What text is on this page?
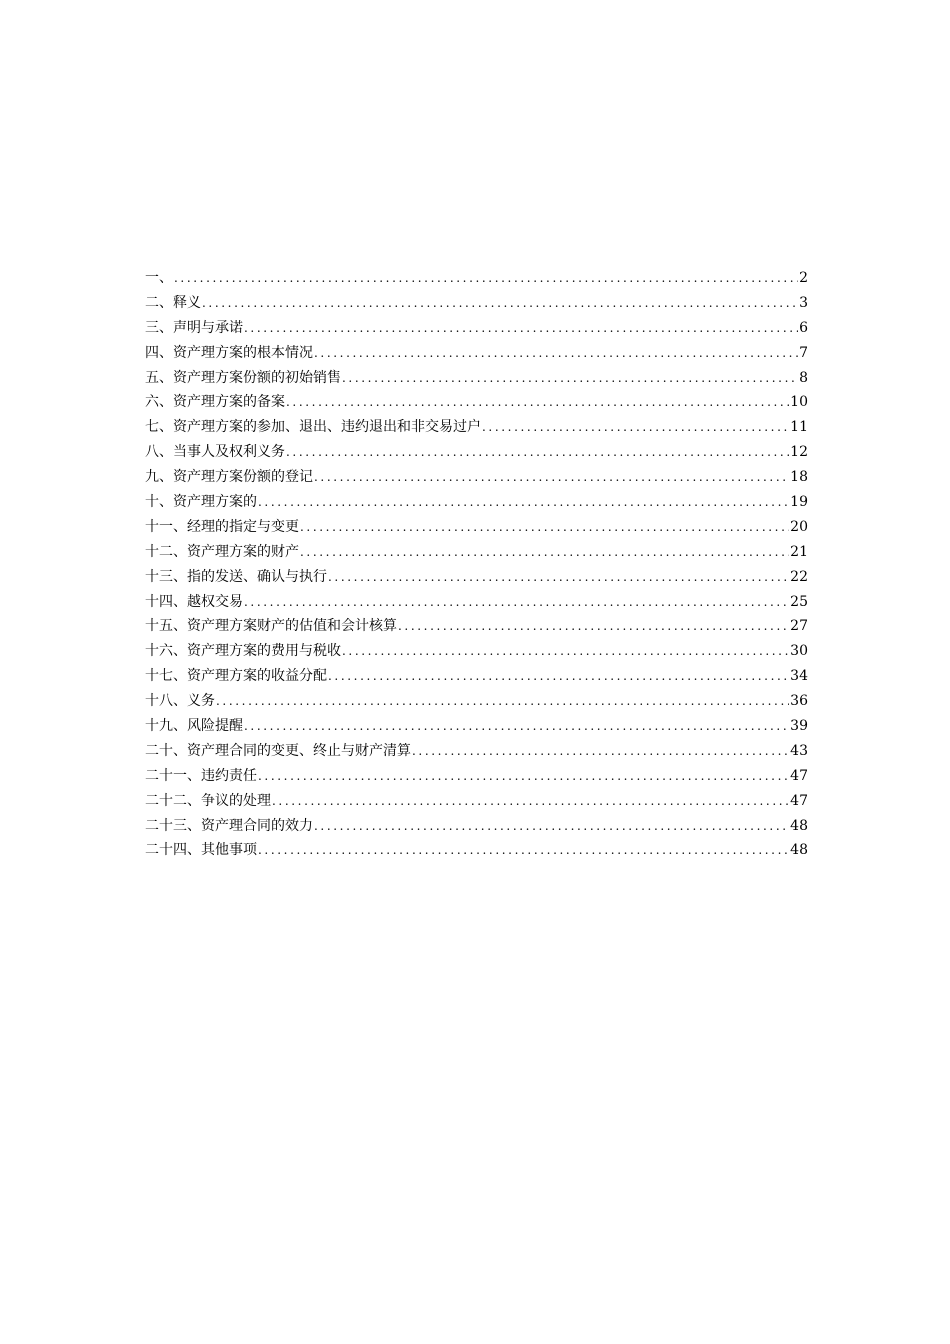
一、 .....	2
二、释义 .....	3
三、声明与承诺 .....	6
四、资产理方案的根本情况 .....	7
五、资产理方案份额的初始销售 .....	8
六、资产理方案的备案 .....	10
七、资产理方案的参加、退出、违约退出和非交易过户 .....	11
八、当事人及权利义务 .....	12
九、资产理方案份额的登记 .....	18
十、资产理方案的 .....	19
十一、经理的指定与变更 .....	20
十二、资产理方案的财产 .....	21
十三、指的发送、确认与执行 .....	22
十四、越权交易 .....	25
十五、资产理方案财产的估值和会计核算 .....	27
十六、资产理方案的费用与税收 .....	30
十七、资产理方案的收益分配 .....	34
十八、义务 .....	36
十九、风险提醒 .....	39
二十、资产理合同的变更、终止与财产清算 .....	43
二十一、违约责任 .....	47
二十二、争议的处理 .....	47
二十三、资产理合同的效力 .....	48
二十四、其他事项 .....	48
